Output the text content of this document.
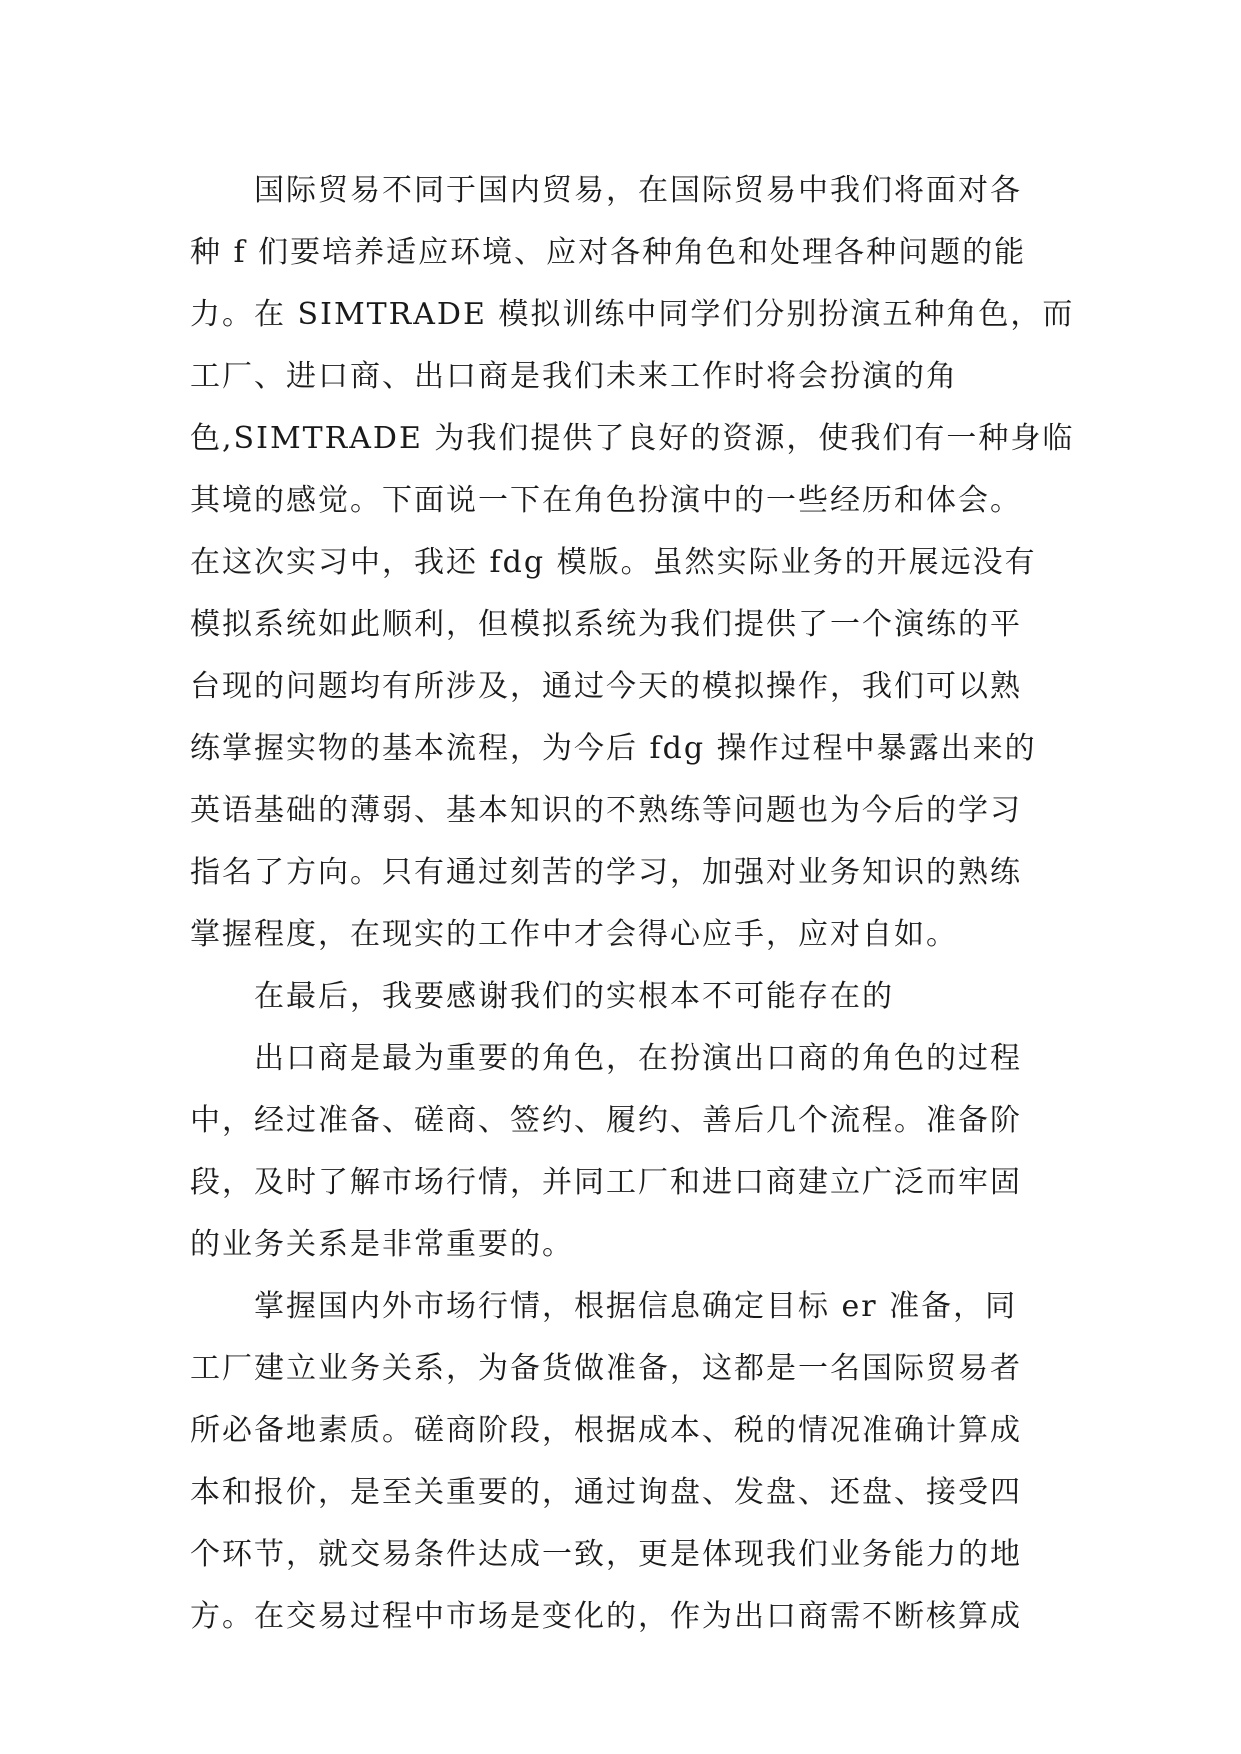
国际贸易不同于国内贸易，在国际贸易中我们将面对各
种 f 们要培养适应环境、应对各种角色和处理各种问题的能
力。在 SIMTRADE 模拟训练中同学们分别扮演五种角色，而
工厂、进口商、出口商是我们未来工作时将会扮演的角
色,SIMTRADE 为我们提供了良好的资源，使我们有一种身临
其境的感觉。下面说一下在角色扮演中的一些经历和体会。
在这次实习中，我还 fdg 模版。虽然实际业务的开展远没有
模拟系统如此顺利，但模拟系统为我们提供了一个演练的平
台现的问题均有所涉及，通过今天的模拟操作，我们可以熟
练掌握实物的基本流程，为今后 fdg 操作过程中暴露出来的
英语基础的薄弱、基本知识的不熟练等问题也为今后的学习
指名了方向。只有通过刻苦的学习，加强对业务知识的熟练
掌握程度，在现实的工作中才会得心应手，应对自如。
在最后，我要感谢我们的实根本不可能存在的
出口商是最为重要的角色，在扮演出口商的角色的过程
中，经过准备、磋商、签约、履约、善后几个流程。准备阶
段，及时了解市场行情，并同工厂和进口商建立广泛而牢固
的业务关系是非常重要的。
掌握国内外市场行情，根据信息确定目标 er 准备，同
工厂建立业务关系，为备货做准备，这都是一名国际贸易者
所必备地素质。磋商阶段，根据成本、税的情况准确计算成
本和报价，是至关重要的，通过询盘、发盘、还盘、接受四
个环节，就交易条件达成一致，更是体现我们业务能力的地
方。在交易过程中市场是变化的，作为出口商需不断核算成
